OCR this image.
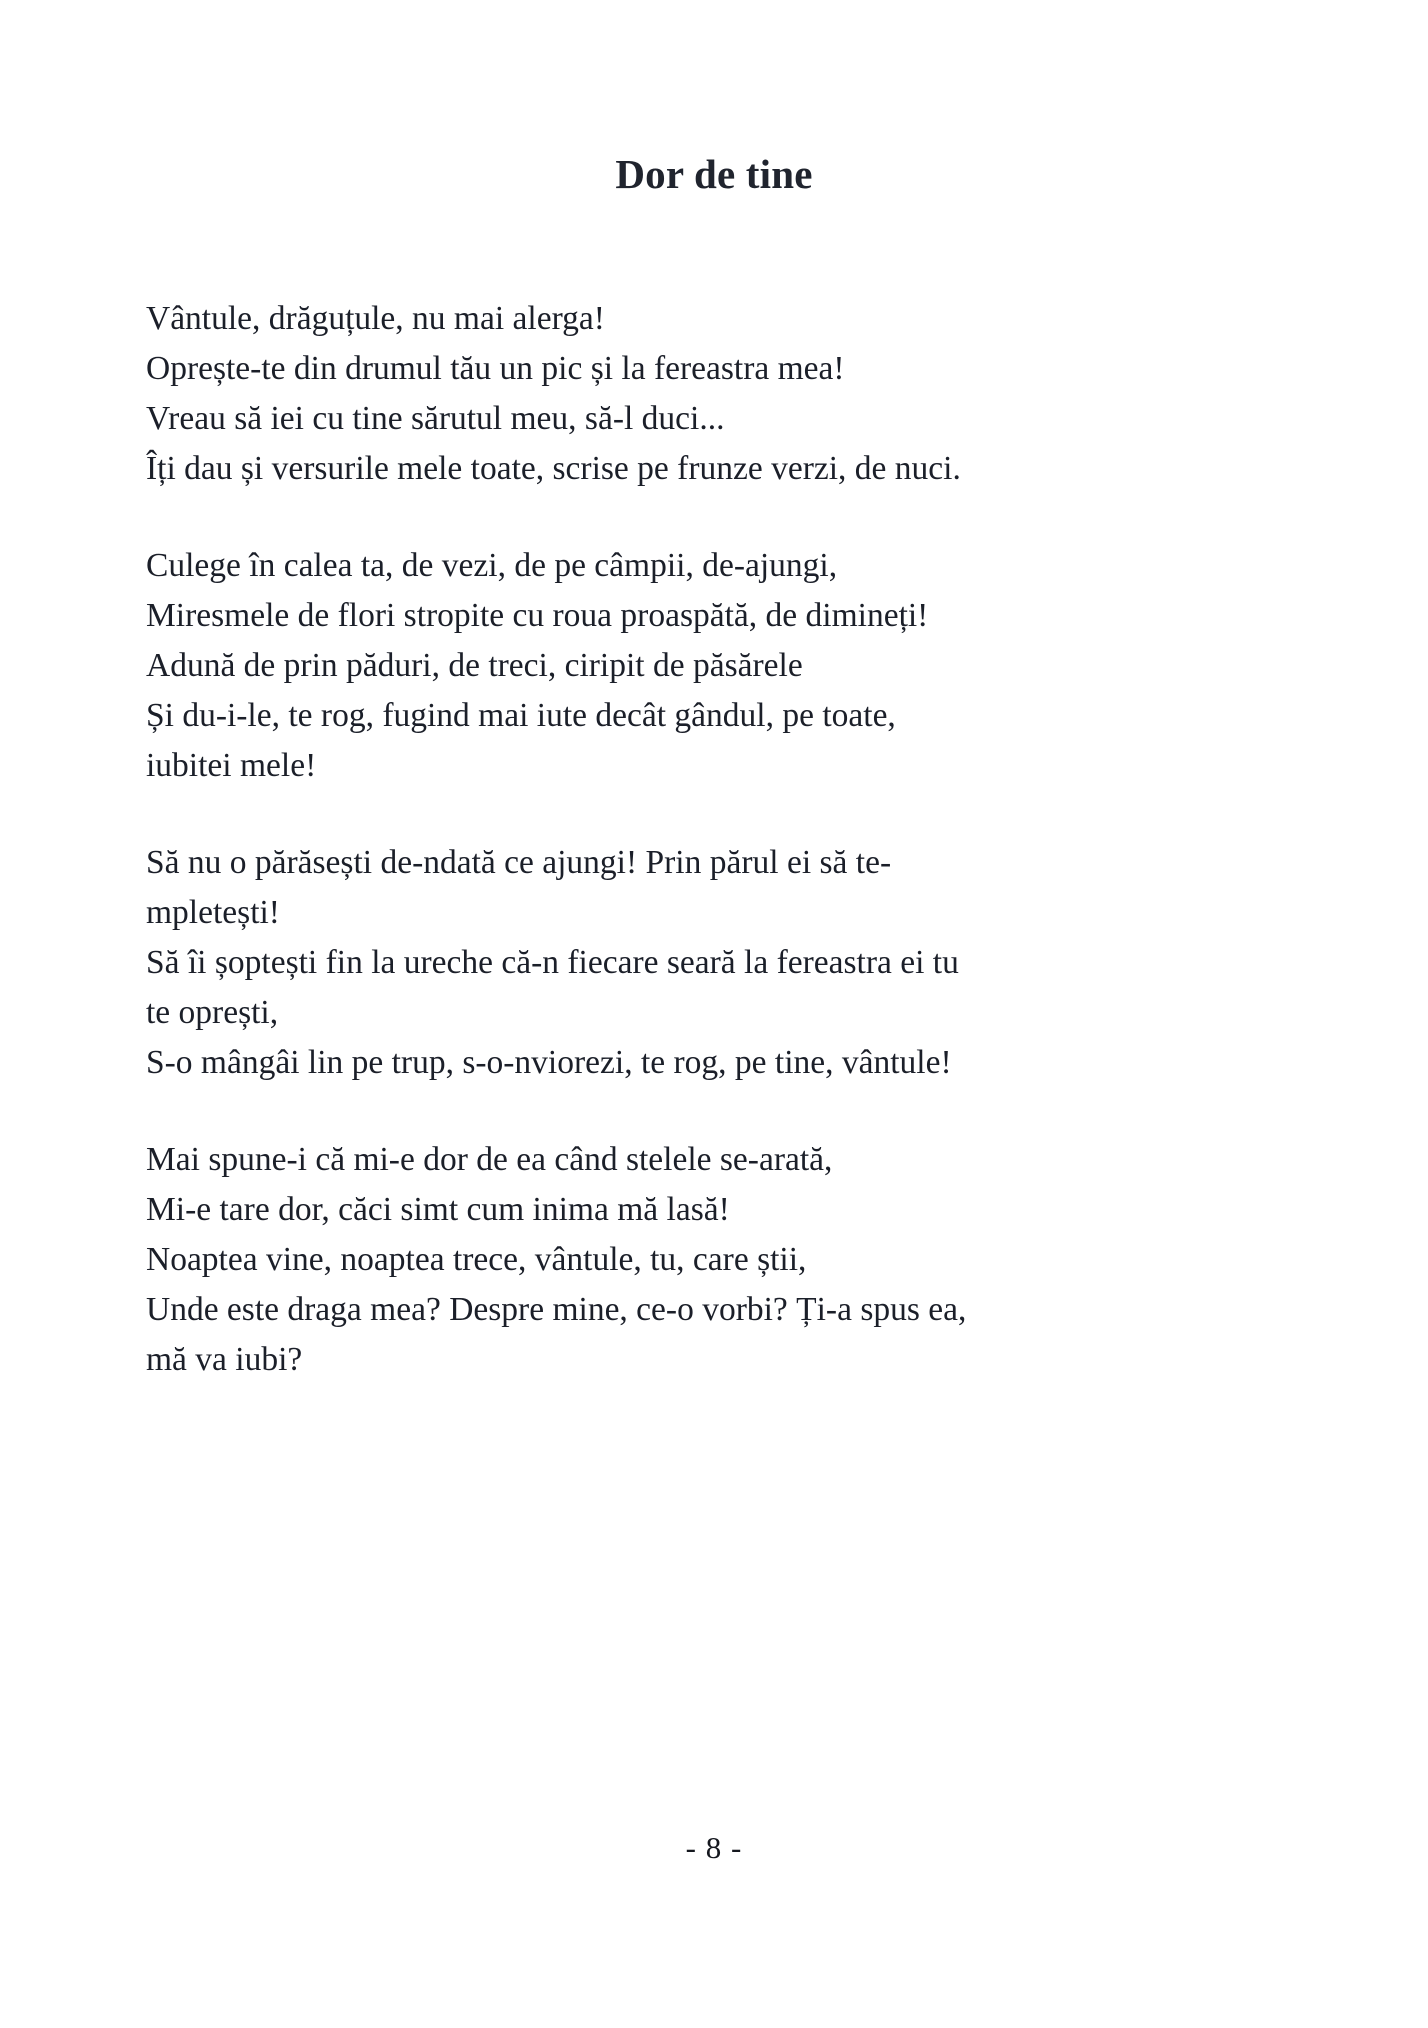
Dor de tine
Vântule, drăguțule, nu mai alerga!
Oprește-te din drumul tău un pic și la fereastra mea!
Vreau să iei cu tine sărutul meu, să-l duci...
Îți dau și versurile mele toate, scrise pe frunze verzi, de nuci.
Culege în calea ta, de vezi, de pe câmpii, de-ajungi,
Miresmele de flori stropite cu roua proaspătă, de dimineți!
Adună de prin păduri, de treci, ciripit de păsărele
Și du-i-le, te rog, fugind mai iute decât gândul, pe toate,
iubitei mele!
Să nu o părăsești de-ndată ce ajungi! Prin părul ei să te-
mpletești!
Să îi șoptești fin la ureche că-n fiecare seară la fereastra ei tu
te oprești,
S-o mângâi lin pe trup, s-o-nviorezi, te rog, pe tine, vântule!
Mai spune-i că mi-e dor de ea când stelele se-arată,
Mi-e tare dor, căci simt cum inima mă lasă!
Noaptea vine, noaptea trece, vântule, tu, care știi,
Unde este draga mea? Despre mine, ce-o vorbi? Ți-a spus ea,
mă va iubi?
- 8 -
